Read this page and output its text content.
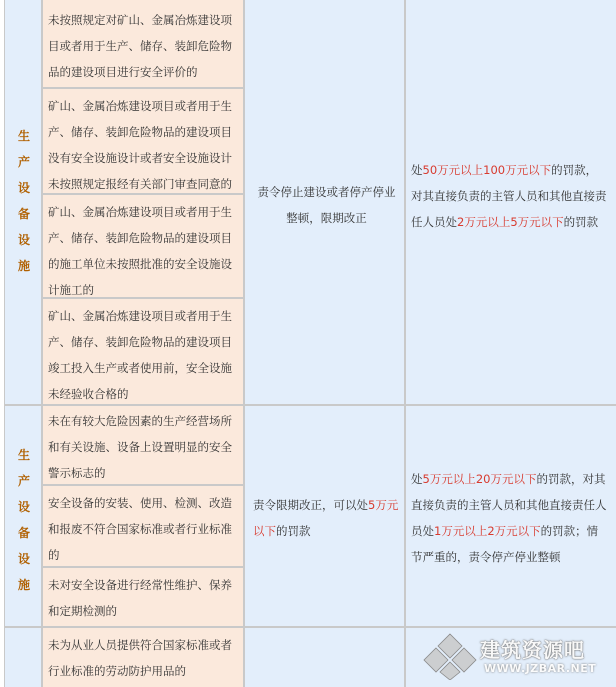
生产设备设施
生产设备设施
未按照规定对矿山、金属冶炼建设项目或者用于生产、储存、装卸危险物品的建设项目进行安全评价的
矿山、金属冶炼建设项目或者用于生产、储存、装卸危险物品的建设项目没有安全设施设计或者安全设施设计未按照规定报经有关部门审查同意的
矿山、金属冶炼建设项目或者用于生产、储存、装卸危险物品的建设项目的施工单位未按照批准的安全设施设计施工的
矿山、金属冶炼建设项目或者用于生产、储存、装卸危险物品的建设项目竣工投入生产或者使用前，安全设施未经验收合格的
未在有较大危险因素的生产经营场所和有关设施、设备上设置明显的安全警示标志的
安全设备的安装、使用、检测、改造和报废不符合国家标准或者行业标准的
未对安全设备进行经常性维护、保养和定期检测的
未为从业人员提供符合国家标准或者行业标准的劳动防护用品的
责令停止建设或者停产停业整顿，限期改正
责令限期改正，可以处5万元以下的罚款
处50万元以上100万元以下的罚款，对其直接负责的主管人员和其他直接责任人员处2万元以上5万元以下的罚款
处5万元以上20万元以下的罚款，对其直接负责的主管人员和其他直接责任人员处1万元以上2万元以下的罚款；情节严重的，责令停产停业整顿
建筑资源吧
WWW.JZBAR.NET
